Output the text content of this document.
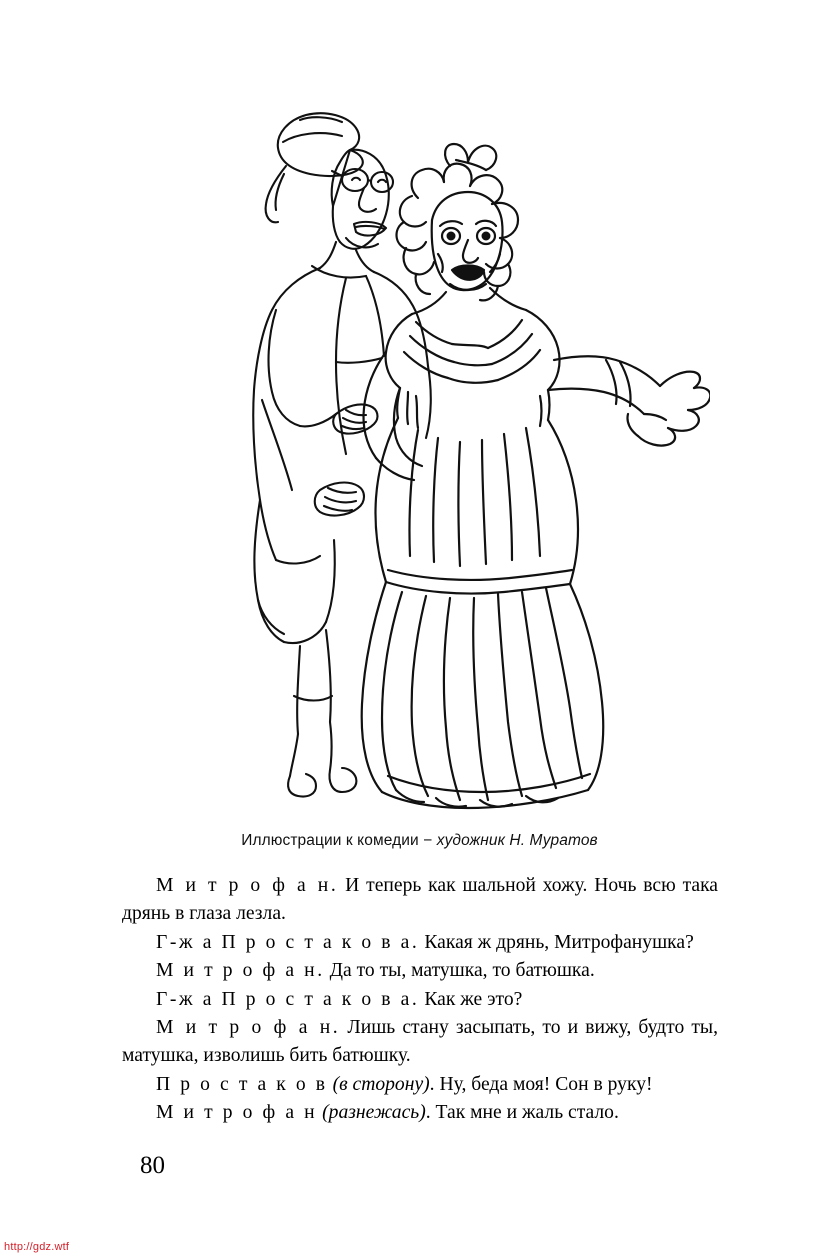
Иллюстрации к комедии − художник Н. Муратов

М и т р о ф а н. И теперь как шальной хожу. Ночь всю така дрянь в глаза лезла.

Г-ж а П р о с т а к о в а. Какая ж дрянь, Митрофанушка?

М и т р о ф а н. Да то ты, матушка, то батюшка.

Г-ж а П р о с т а к о в а. Как же это?

М и т р о ф а н. Лишь стану засыпать, то и вижу, будто ты, матушка, изволишь бить батюшку.

П р о с т а к о в (в сторону). Ну, беда моя! Сон в руку!

М и т р о ф а н (разнежась). Так мне и жаль стало.

80
http://gdz.wtf
